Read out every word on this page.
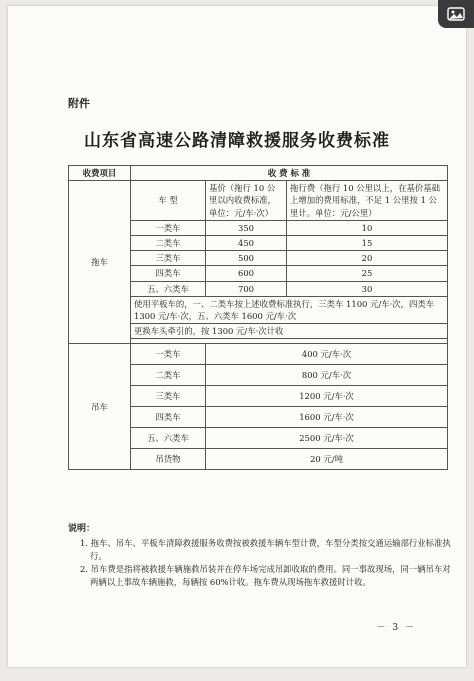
附件
山东省高速公路清障救援服务收费标准
收费项目	收 费 标 准		
拖车	车 型	基价（拖行 10 公里以内收费标准，单位：元/车·次）	拖行费（拖行 10 公里以上，在基价基础上增加的费用标准，不足 1 公里按 1 公里计。单位：元/公里）
	一类车	350	10
	二类车	450	15
	三类车	500	20
	四类车	600	25
	五、六类车	700	30
	使用平板车的，一、二类车按上述收费标准执行，三类车 1100 元/车·次，四类车 1300 元/车·次，五、六类车 1600 元/车·次		
	更换车头牵引的，按 1300 元/车·次计收		

吊车	一类车	400 元/车·次	
	二类车	800 元/车·次	
	三类车	1200 元/车·次	
	四类车	1600 元/车·次	
	五、六类车	2500 元/车·次	
	吊货物	20 元/吨	
说明：
1. 拖车、吊车、平板车清障救援服务收费按被救援车辆车型计费，车型分类按交通运输部行业标准执行。
2. 吊车费是指将被救援车辆施救吊装并在停车场完成吊卸收取的费用。同一事故现场，同一辆吊车对两辆以上事故车辆施救，每辆按 60%计收。拖车费从现场拖车救援时计收。
－ 3 －
